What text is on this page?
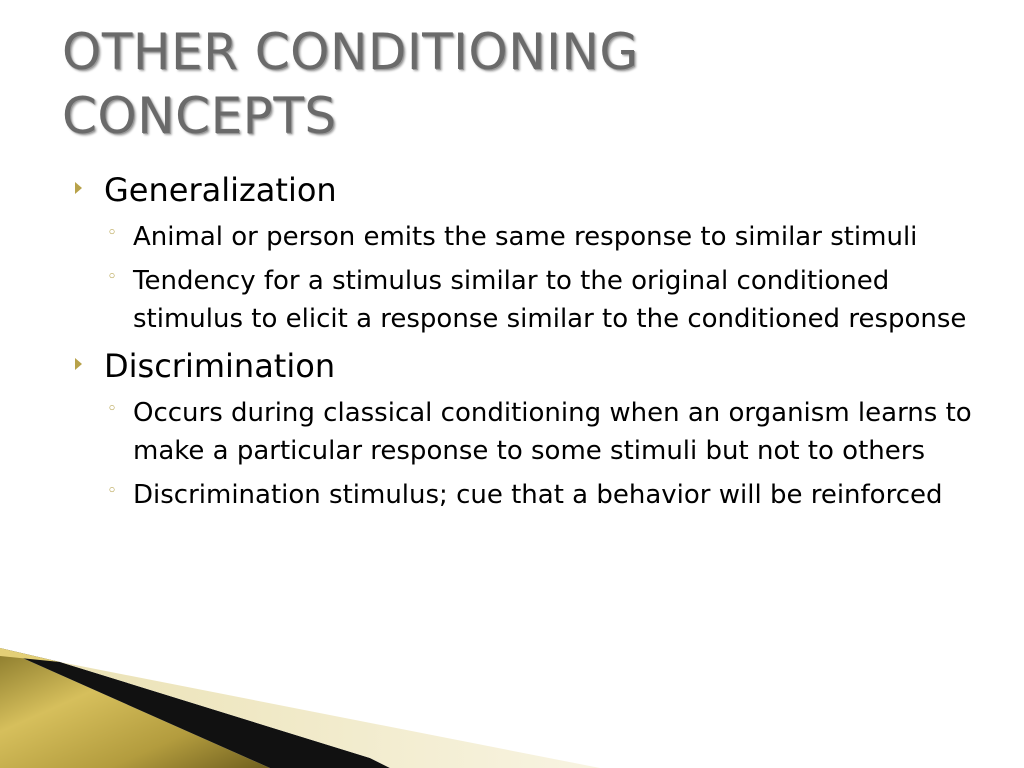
OTHER CONDITIONING
CONCEPTS
Generalization
◦ Animal or person emits the same response to similar stimuli
◦ Tendency for a stimulus similar to the original conditioned stimulus to elicit a response similar to the conditioned response
Discrimination
◦ Occurs during classical conditioning when an organism learns to make a particular response to some stimuli but not to others
◦ Discrimination stimulus; cue that a behavior will be reinforced
